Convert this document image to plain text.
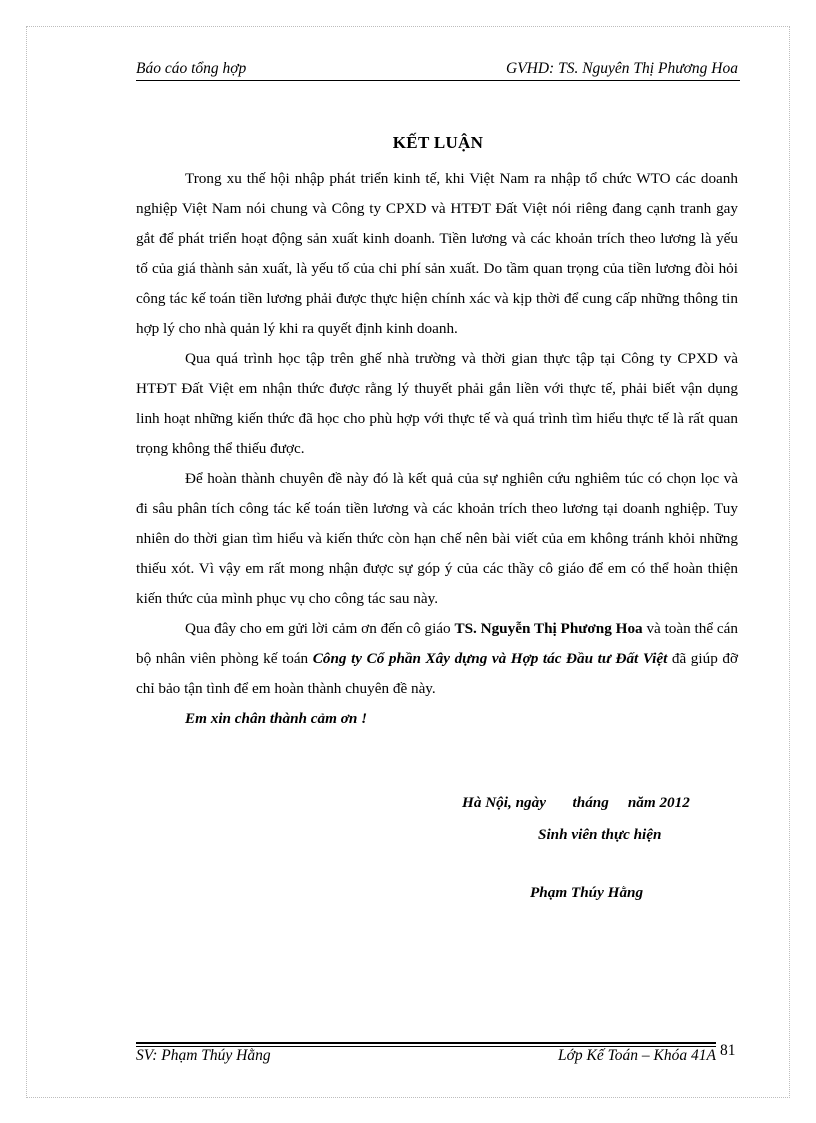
Báo cáo tổng hợp	GVHD: TS. Nguyên Thị Phương Hoa
KẾT LUẬN

Trong xu thế hội nhập phát triển kinh tế, khi Việt Nam ra nhập tổ chức WTO các doanh nghiệp Việt Nam nói chung và Công ty CPXD và HTĐT Đất Việt nói riêng đang cạnh tranh gay gắt để phát triển hoạt động sản xuất kinh doanh. Tiền lương và các khoản trích theo lương là yếu tố của giá thành sản xuất, là yếu tố của chi phí sản xuất. Do tầm quan trọng của tiền lương đòi hỏi công tác kế toán tiền lương phải được thực hiện chính xác và kịp thời để cung cấp những thông tin hợp lý cho nhà quản lý khi ra quyết định kinh doanh.

Qua quá trình học tập trên ghế nhà trường và thời gian thực tập tại Công ty CPXD và HTĐT Đất Việt em nhận thức được rằng lý thuyết phải gắn liền với thực tế, phải biết vận dụng linh hoạt những kiến thức đã học cho phù hợp với thực tế và quá trình tìm hiểu thực tế là rất quan trọng không thể thiếu được.

Để hoàn thành chuyên đề này đó là kết quả của sự nghiên cứu nghiêm túc có chọn lọc và đi sâu phân tích công tác kế toán tiền lương và các khoản trích theo lương tại doanh nghiệp. Tuy nhiên do thời gian tìm hiểu và kiến thức còn hạn chế nên bài viết của em không tránh khỏi những thiếu xót. Vì vậy em rất mong nhận được sự góp ý của các thầy cô giáo để em có thể hoàn thiện kiến thức của mình phục vụ cho công tác sau này.

Qua đây cho em gửi lời cảm ơn đến cô giáo TS. Nguyễn Thị Phương Hoa và toàn thể cán bộ nhân viên phòng kế toán Công ty Cổ phần Xây dựng và Hợp tác Đầu tư Đất Việt đã giúp đỡ chỉ bảo tận tình để em hoàn thành chuyên đề này.

Em xin chân thành cảm ơn !

Hà Nội, ngày       tháng     năm 2012
Sinh viên thực hiện
Phạm Thúy Hằng
SV: Phạm Thúy Hằng	Lớp Kế Toán – Khóa 41A 81
